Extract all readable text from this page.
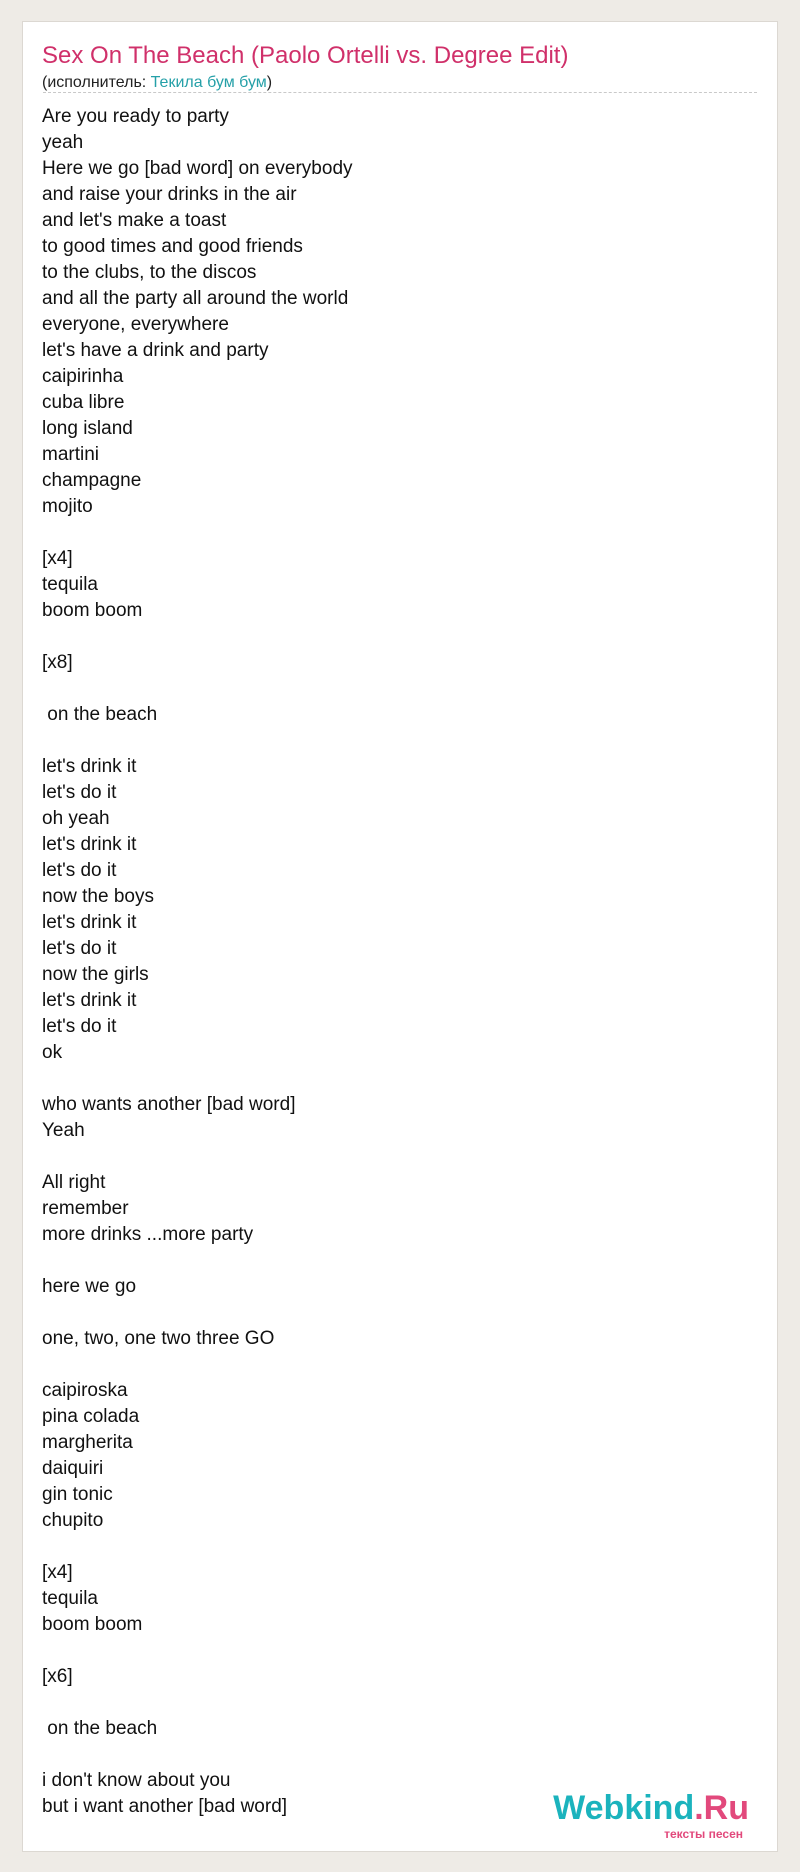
Sex On The Beach (Paolo Ortelli vs. Degree Edit)
(исполнитель: Текила бум бум)
Are you ready to party
yeah
Here we go [bad word] on everybody
and raise your drinks in the air
and let's make a toast
to good times and good friends
to the clubs, to the discos
and all the party all around the world
everyone, everywhere
let's have a drink and party
caipirinha
cuba libre
long island
martini
champagne
mojito
[x4]
tequila
boom boom
[x8]
on the beach
let's drink it
let's do it
oh yeah
let's drink it
let's do it
now the boys
let's drink it
let's do it
now the girls
let's drink it
let's do it
ok
who wants another [bad word]
Yeah
All right
remember
more drinks ...more party
here we go
one, two, one two three GO
caipiroska
pina colada
margherita
daiquiri
gin tonic
chupito
[x4]
tequila
boom boom
[x6]
on the beach
i don't know about you
but i want another [bad word]	Webkind.Ru
тексты песен
